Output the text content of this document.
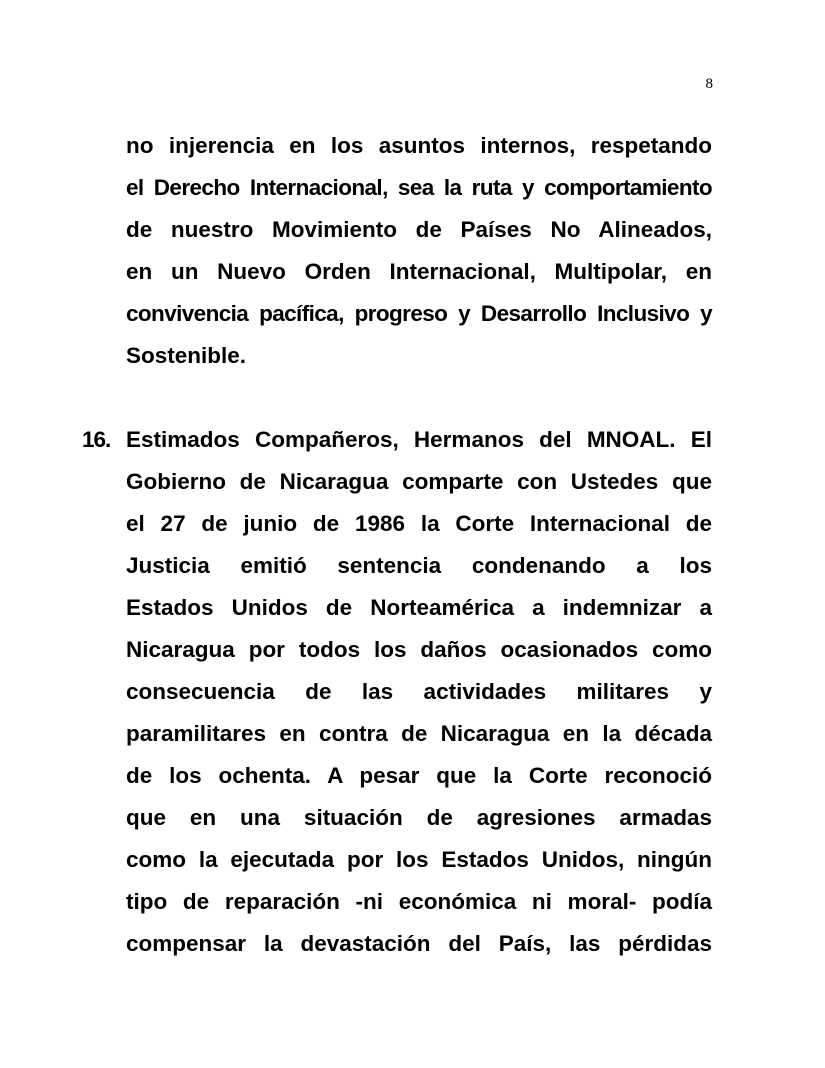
8
no injerencia en los asuntos internos, respetando
el Derecho Internacional, sea la ruta y comportamiento
de nuestro Movimiento de Países No Alineados,
en un Nuevo Orden Internacional, Multipolar, en
convivencia pacífica, progreso y Desarrollo Inclusivo y
Sostenible.
16. Estimados Compañeros, Hermanos del MNOAL. El
Gobierno de Nicaragua comparte con Ustedes que
el 27 de junio de 1986 la Corte Internacional de
Justicia emitió sentencia condenando a los
Estados Unidos de Norteamérica a indemnizar a
Nicaragua por todos los daños ocasionados como
consecuencia de las actividades militares y
paramilitares en contra de Nicaragua en la década
de los ochenta. A pesar que la Corte reconoció
que en una situación de agresiones armadas
como la ejecutada por los Estados Unidos, ningún
tipo de reparación -ni económica ni moral- podía
compensar la devastación del País, las pérdidas
